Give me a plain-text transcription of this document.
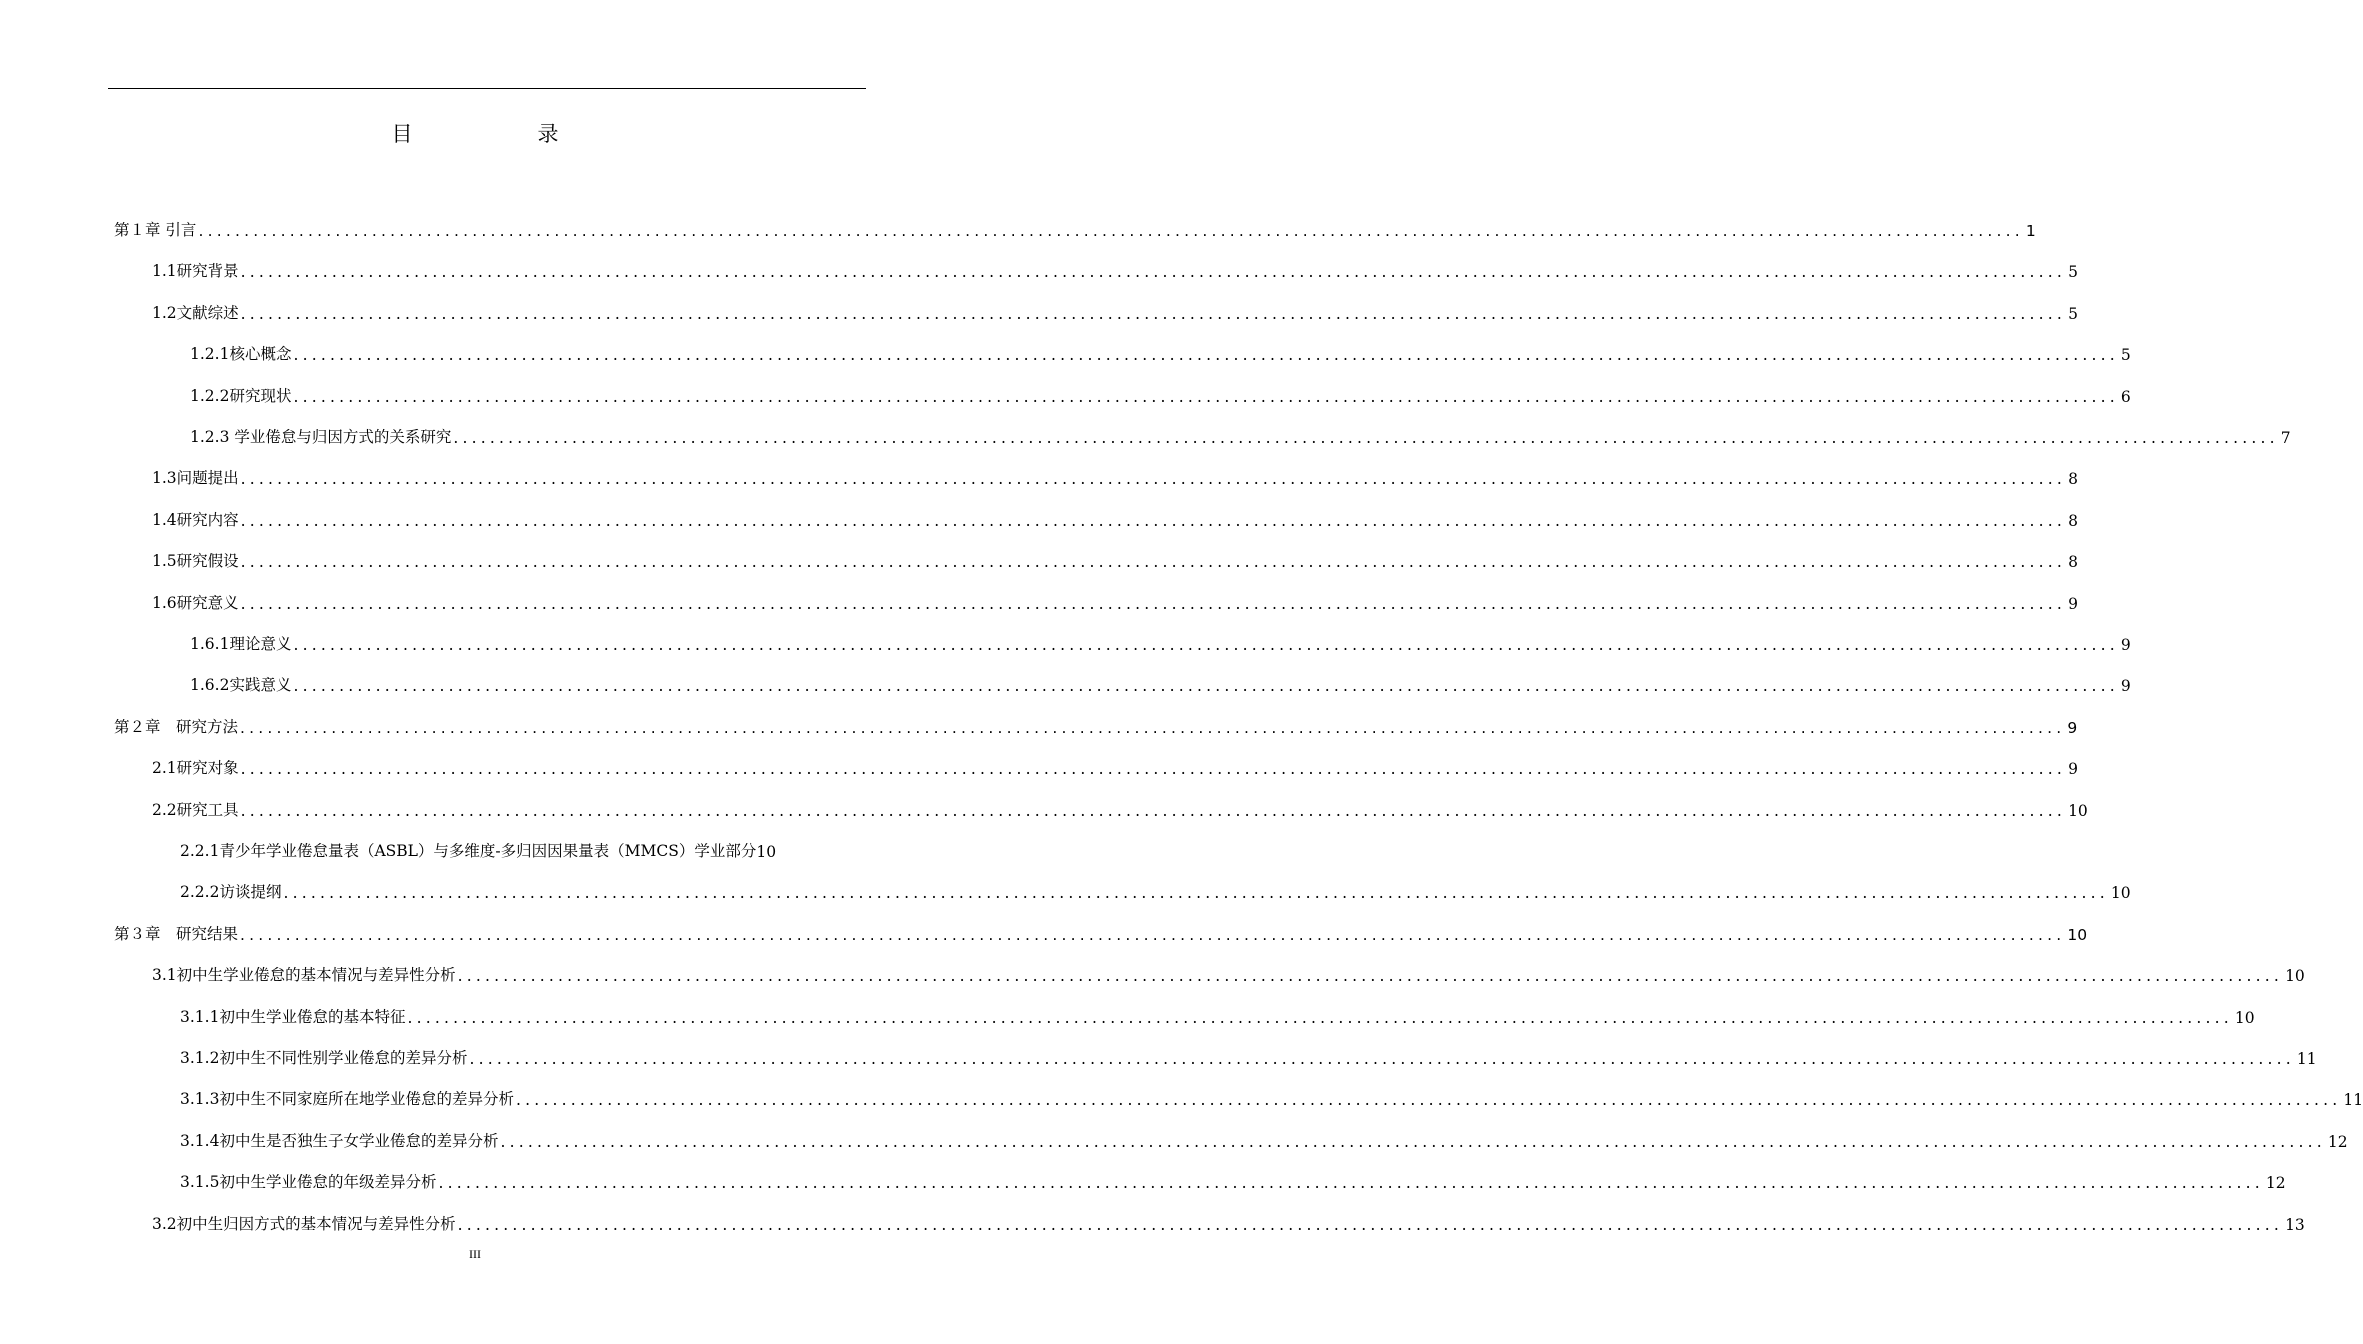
目　录
第１章 引言 ........................................................................................................................................................................................................ 1
1.1研究背景 ........................................................................................................................................................................................................ 5
1.2文献综述 ........................................................................................................................................................................................................ 5
1.2.1核心概念 ........................................................................................................................................................................................................ 5
1.2.2研究现状 ........................................................................................................................................................................................................ 6
1.2.3 学业倦怠与归因方式的关系研究 ........................................................................................................................................................................................................ 7
1.3问题提出 ........................................................................................................................................................................................................ 8
1.4研究内容 ........................................................................................................................................................................................................ 8
1.5研究假设 ........................................................................................................................................................................................................ 8
1.6研究意义 ........................................................................................................................................................................................................ 9
1.6.1理论意义 ........................................................................................................................................................................................................ 9
1.6.2实践意义 ........................................................................................................................................................................................................ 9
第２章　研究方法 ........................................................................................................................................................................................................ 9
2.1研究对象 ........................................................................................................................................................................................................ 9
2.2研究工具 ........................................................................................................................................................................................................ 10
2.2.1青少年学业倦怠量表（ASBL）与多维度-多归因因果量表（MMCS）学业部分 10
2.2.2访谈提纲 ........................................................................................................................................................................................................ 10
第３章　研究结果 ........................................................................................................................................................................................................ 10
3.1初中生学业倦怠的基本情况与差异性分析 ........................................................................................................................................................................................................ 10
3.1.1初中生学业倦怠的基本特征 ........................................................................................................................................................................................................ 10
3.1.2初中生不同性别学业倦怠的差异分析 ........................................................................................................................................................................................................ 11
3.1.3初中生不同家庭所在地学业倦怠的差异分析 ........................................................................................................................................................................................................ 11
3.1.4初中生是否独生子女学业倦怠的差异分析 ........................................................................................................................................................................................................ 12
3.1.5初中生学业倦怠的年级差异分析 ........................................................................................................................................................................................................ 12
3.2初中生归因方式的基本情况与差异性分析 ........................................................................................................................................................................................................ 13
III
